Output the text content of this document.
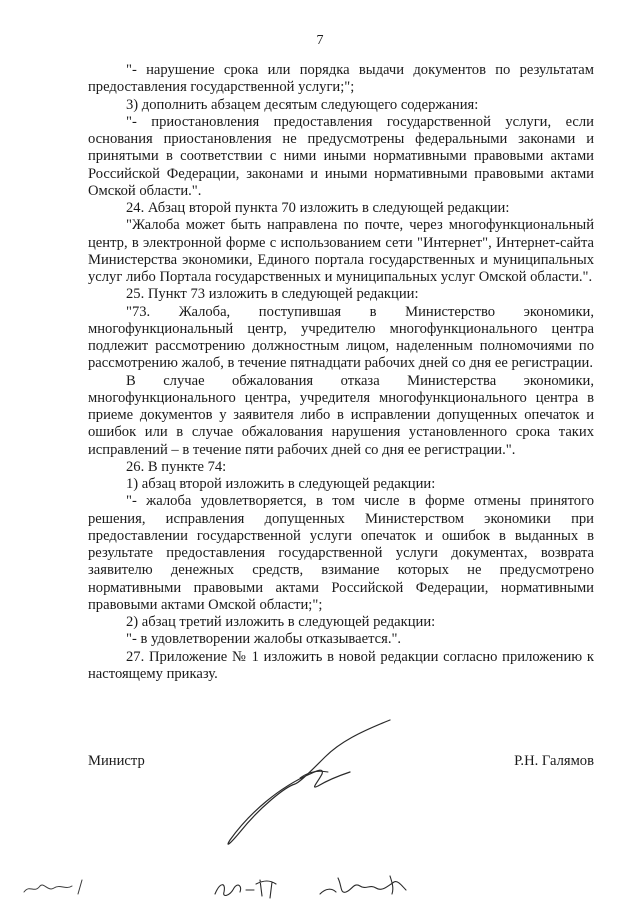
7

"- нарушение срока или порядка выдачи документов по результатам предоставления государственной услуги;";

3) дополнить абзацем десятым следующего содержания:

"- приостановления предоставления государственной услуги, если основания приостановления не предусмотрены федеральными законами и принятыми в соответствии с ними иными нормативными правовыми актами Российской Федерации, законами и иными нормативными правовыми актами Омской области.".

24. Абзац второй пункта 70 изложить в следующей редакции:

"Жалоба может быть направлена по почте, через многофункциональный центр, в электронной форме с использованием сети "Интернет", Интернет-сайта Министерства экономики, Единого портала государственных и муниципальных услуг либо Портала государственных и муниципальных услуг Омской области.".

25. Пункт 73 изложить в следующей редакции:

"73. Жалоба, поступившая в Министерство экономики, многофункциональный центр, учредителю многофункционального центра подлежит рассмотрению должностным лицом, наделенным полномочиями по рассмотрению жалоб, в течение пятнадцати рабочих дней со дня ее регистрации.

В случае обжалования отказа Министерства экономики, многофункционального центра, учредителя многофункционального центра в приеме документов у заявителя либо в исправлении допущенных опечаток и ошибок или в случае обжалования нарушения установленного срока таких исправлений – в течение пяти рабочих дней со дня ее регистрации.".

26. В пункте 74:

1) абзац второй изложить в следующей редакции:

"- жалоба удовлетворяется, в том числе в форме отмены принятого решения, исправления допущенных Министерством экономики при предоставлении государственной услуги опечаток и ошибок в выданных в результате предоставления государственной услуги документах, возврата заявителю денежных средств, взимание которых не предусмотрено нормативными правовыми актами Российской Федерации, нормативными правовыми актами Омской области;";

2) абзац третий изложить в следующей редакции:

"- в удовлетворении жалобы отказывается.".

27. Приложение № 1 изложить в новой редакции согласно приложению к настоящему приказу.

Министр	Р.Н. Галямов
